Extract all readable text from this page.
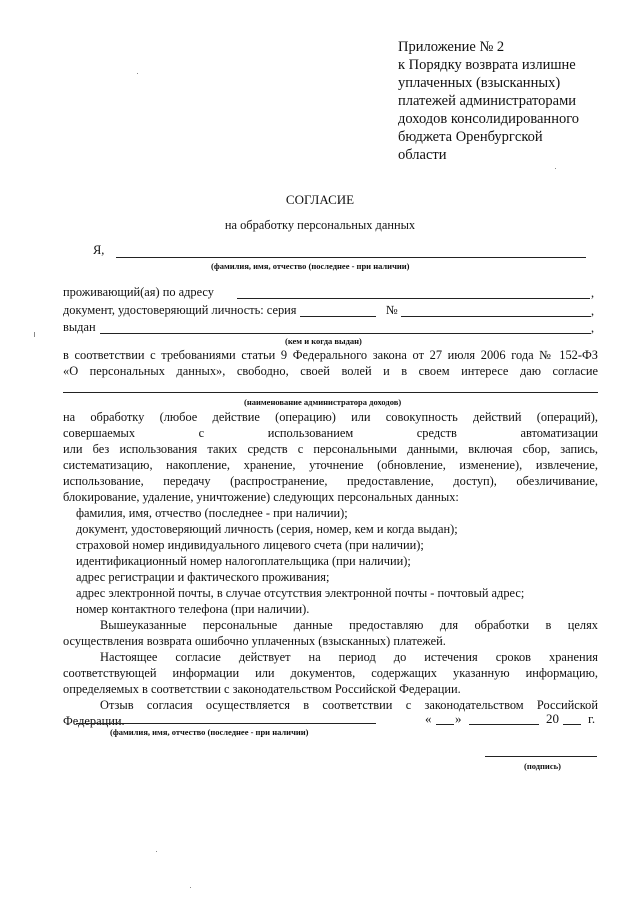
Приложение № 2
к Порядку возврата излишне
уплаченных (взысканных)
платежей администраторами
доходов консолидированного
бюджета Оренбургской
области
СОГЛАСИЕ
на обработку персональных данных
Я,
(фамилия, имя, отчество (последнее - при наличии)
проживающий(ая) по адресу	,
документ, удостоверяющий личность: серия	№	,
выдан	,
(кем и когда выдан)
в соответствии с требованиями статьи 9 Федерального закона от 27 июля 2006 года № 152-ФЗ
«О персональных данных», свободно, своей волей и в своем интересе даю согласие
(наименование администратора доходов)
на обработку (любое действие (операцию) или совокупность действий (операций),
совершаемых с использованием средств автоматизации
или без использования таких средств с персональными данными, включая сбор, запись,
систематизацию, накопление, хранение, уточнение (обновление, изменение), извлечение,
использование, передачу (распространение, предоставление, доступ), обезличивание,
блокирование, удаление, уничтожение) следующих персональных данных:
фамилия, имя, отчество (последнее - при наличии);
документ, удостоверяющий личность (серия, номер, кем и когда выдан);
страховой номер индивидуального лицевого счета (при наличии);
идентификационный номер налогоплательщика (при наличии);
адрес регистрации и фактического проживания;
адрес электронной почты, в случае отсутствия электронной почты - почтовый адрес;
номер контактного телефона (при наличии).
Вышеуказанные персональные данные предоставляю для обработки в целях
осуществления возврата ошибочно уплаченных (взысканных) платежей.
Настоящее согласие действует на период до истечения сроков хранения
соответствующей информации или документов, содержащих указанную информацию,
определяемых в соответствии с законодательством Российской Федерации.
Отзыв согласия осуществляется в соответствии с законодательством Российской
Федерации.
(фамилия, имя, отчество (последнее - при наличии)
« »	20 г.
(подпись)
